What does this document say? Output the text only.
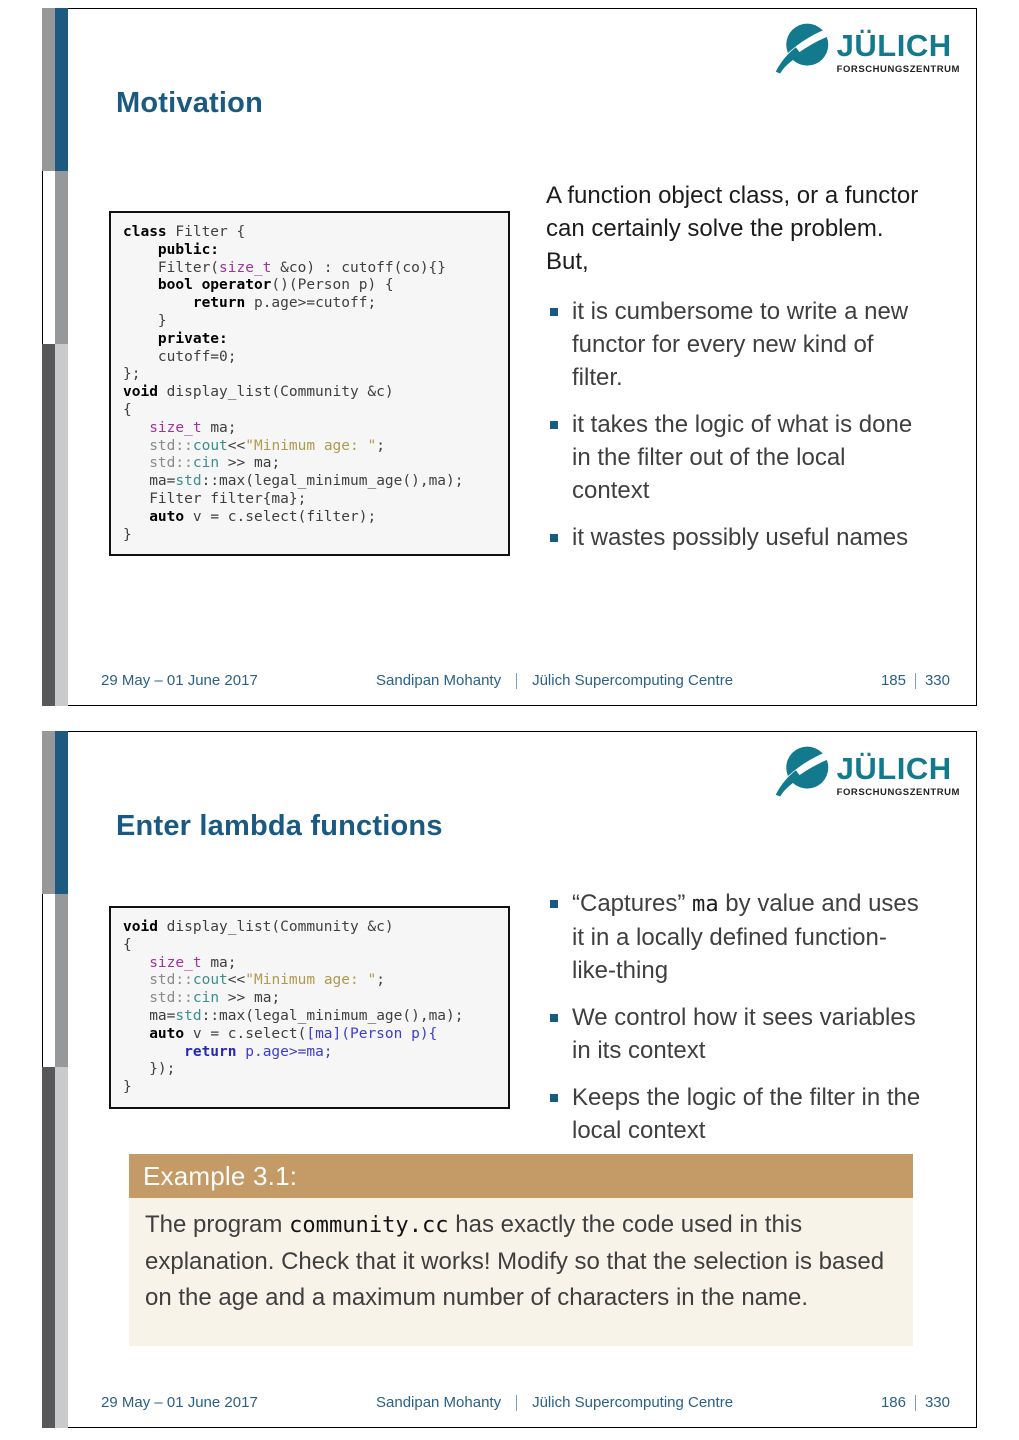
JÜLICH
FORSCHUNGSZENTRUM
Motivation
class Filter {
public:
Filter(size_t &co) : cutoff(co){}
bool operator()(Person p) {
return p.age>=cutoff;
}
private:
cutoff=0;
};
void display_list(Community &c)
{
size_t ma;
std::cout<<"Minimum age: ";
std::cin >> ma;
ma=std::max(legal_minimum_age(),ma);
Filter filter{ma};
auto v = c.select(filter);
}
A function object class, or a functor can certainly solve the problem. But,
it is cumbersome to write a new functor for every new kind of filter.
it takes the logic of what is done in the filter out of the local context
it wastes possibly useful names
29 May – 01 June 2017	Sandipan Mohanty Jülich Supercomputing Centre	185 330
JÜLICH
FORSCHUNGSZENTRUM
Enter lambda functions
void display_list(Community &c)
{
size_t ma;
std::cout<<"Minimum age: ";
std::cin >> ma;
ma=std::max(legal_minimum_age(),ma);
auto v = c.select([ma](Person p){
return p.age>=ma;
});
}
“Captures” ma by value and uses it in a locally defined function-like-thing
We control how it sees variables in its context
Keeps the logic of the filter in the local context
Example 3.1:
The program community.cc has exactly the code used in this explanation. Check that it works! Modify so that the selection is based on the age and a maximum number of characters in the name.
29 May – 01 June 2017	Sandipan Mohanty Jülich Supercomputing Centre	186 330
